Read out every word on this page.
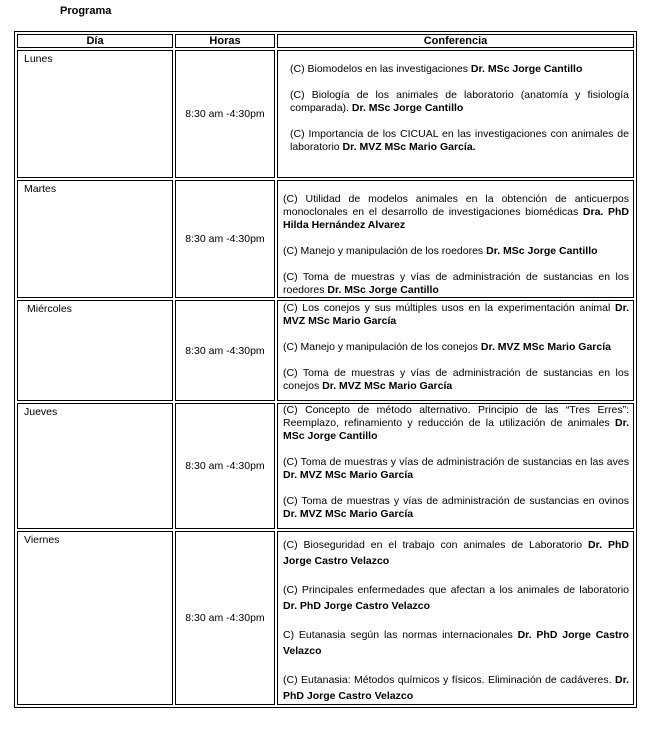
Programa
Día	Horas	Conferencia
Lunes	8:30 am -4:30pm	(C) Biomodelos en las investigaciones Dr. MSc Jorge Cantillo

(C) Biología de los animales de laboratorio (anatomía y fisiología comparada). Dr. MSc Jorge Cantillo

(C) Importancia de los CICUAL en las investigaciones con animales de laboratorio Dr. MVZ MSc Mario García.

Martes	8:30 am -4:30pm	(C) Utilidad de modelos animales en la obtención de anticuerpos monoclonales en el desarrollo de investigaciones biomédicas Dra. PhD Hilda Hernández Alvarez

(C) Manejo y manipulación de los roedores Dr. MSc Jorge Cantillo

(C) Toma de muestras y vías de administración de sustancias en los roedores Dr. MSc Jorge Cantillo

Miércoles	8:30 am -4:30pm	(C) Los conejos y sus múltiples usos en la experimentación animal Dr. MVZ MSc Mario García

(C) Manejo y manipulación de los conejos Dr. MVZ MSc Mario García

(C) Toma de muestras y vías de administración de sustancias en los conejos Dr. MVZ MSc Mario García

Jueves	8:30 am -4:30pm	(C) Concepto de método alternativo. Principio de las “Tres Erres”: Reemplazo, refinamiento y reducción de la utilización de animales Dr. MSc Jorge Cantillo

(C) Toma de muestras y vías de administración de sustancias en las aves Dr. MVZ MSc Mario García

(C) Toma de muestras y vías de administración de sustancias en ovinos Dr. MVZ MSc Mario García

Viernes	8:30 am -4:30pm	(C) Bioseguridad en el trabajo con animales de Laboratorio Dr. PhD Jorge Castro Velazco

(C) Principales enfermedades que afectan a los animales de laboratorio Dr. PhD Jorge Castro Velazco

C) Eutanasia según las normas internacionales Dr. PhD Jorge Castro Velazco

(C) Eutanasia: Métodos químicos y físicos. Eliminación de cadáveres. Dr. PhD Jorge Castro Velazco
